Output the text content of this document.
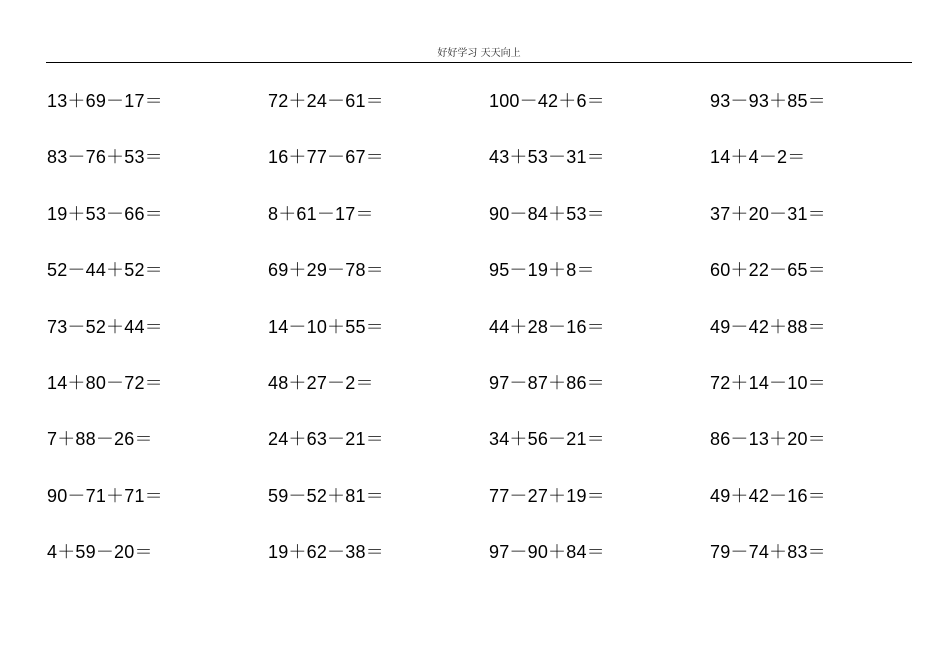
好好学习 天天向上
13＋69－17＝	72＋24－61＝	100－42＋6＝	93－93＋85＝
83－76＋53＝	16＋77－67＝	43＋53－31＝	14＋4－2＝
19＋53－66＝	8＋61－17＝	90－84＋53＝	37＋20－31＝
52－44＋52＝	69＋29－78＝	95－19＋8＝	60＋22－65＝
73－52＋44＝	14－10＋55＝	44＋28－16＝	49－42＋88＝
14＋80－72＝	48＋27－2＝	97－87＋86＝	72＋14－10＝
7＋88－26＝	24＋63－21＝	34＋56－21＝	86－13＋20＝
90－71＋71＝	59－52＋81＝	77－27＋19＝	49＋42－16＝
4＋59－20＝	19＋62－38＝	97－90＋84＝	79－74＋83＝
